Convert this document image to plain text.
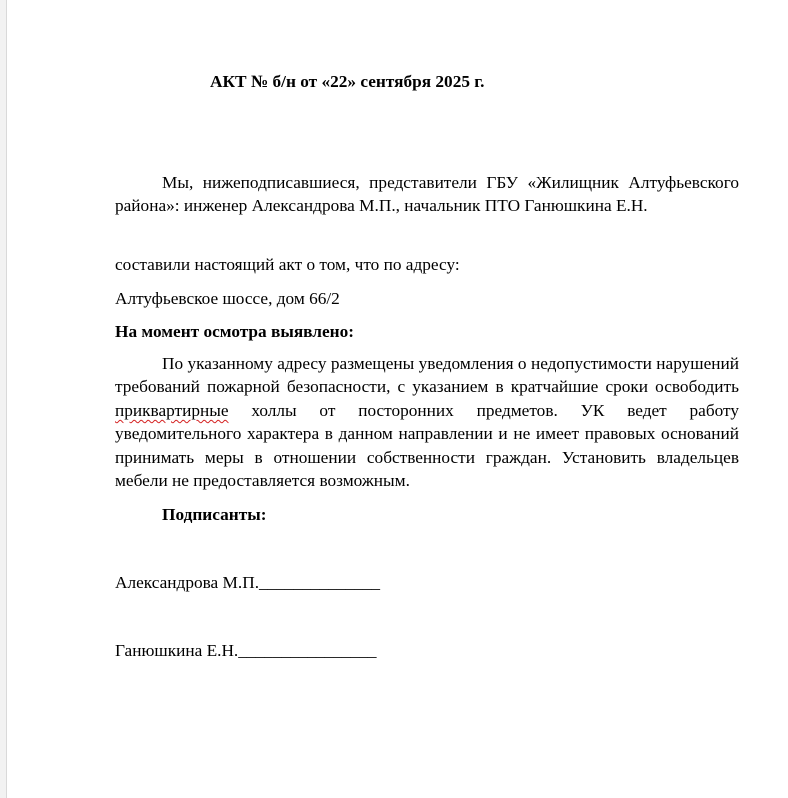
АКТ № б/н от «22» сентября 2025 г.

Мы, нижеподписавшиеся, представители ГБУ «Жилищник Алтуфьевского района»: инженер Александрова М.П., начальник ПТО Ганюшкина Е.Н.

составили настоящий акт о том, что по адресу:

Алтуфьевское шоссе, дом 66/2

На момент осмотра выявлено:

По указанному адресу размещены уведомления о недопустимости нарушений требований пожарной безопасности, с указанием в кратчайшие сроки освободить приквартирные холлы от посторонних предметов. УК ведет работу уведомительного характера в данном направлении и не имеет правовых оснований принимать меры в отношении собственности граждан. Установить владельцев мебели не предоставляется возможным.

Подписанты:

Александрова М.П.______________

Ганюшкина Е.Н.________________
